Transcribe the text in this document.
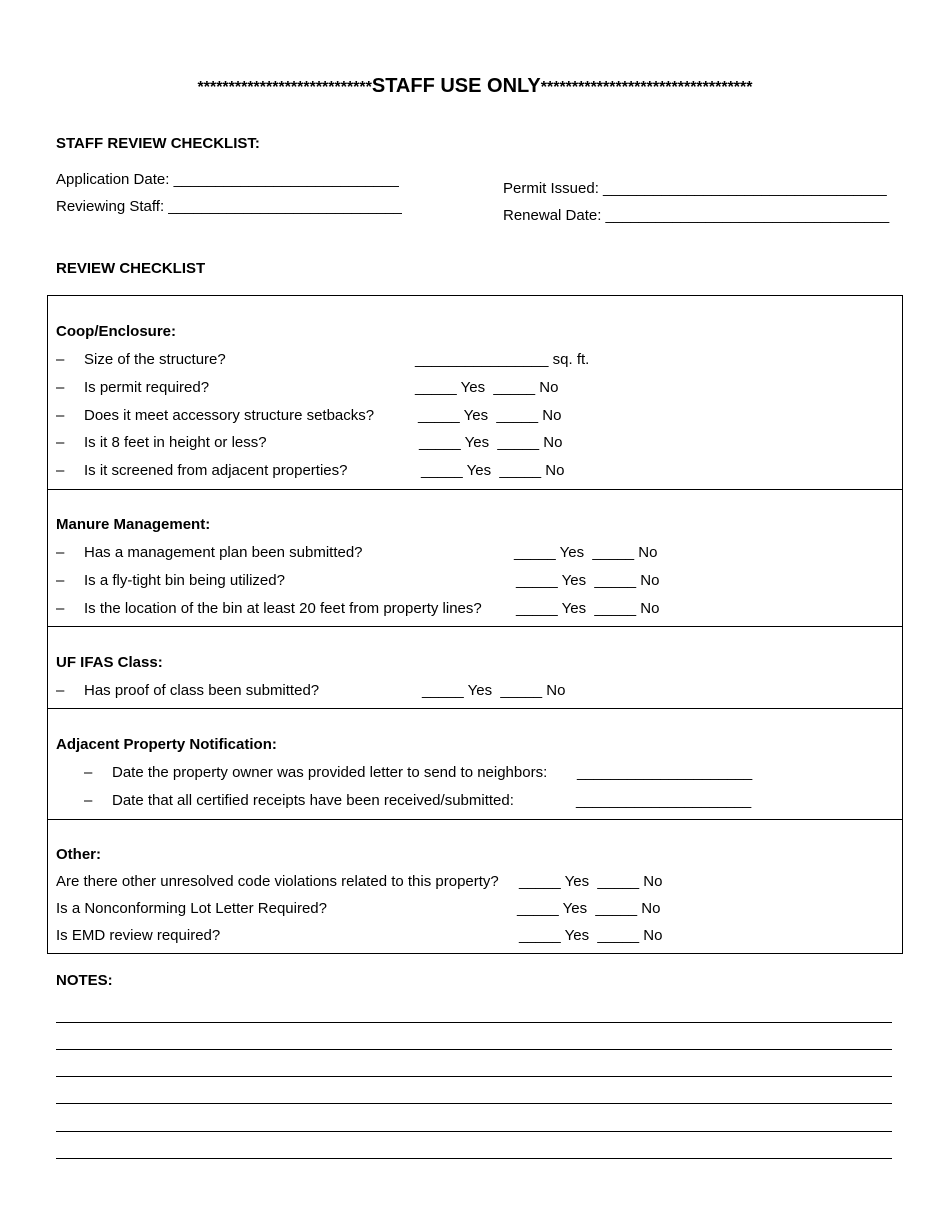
****************************STAFF USE ONLY**********************************
STAFF REVIEW CHECKLIST:
Application Date: ___________________________
Reviewing Staff: ____________________________
Permit Issued: __________________________________
Renewal Date: __________________________________
REVIEW CHECKLIST
Coop/Enclosure:
– Size of the structure?	________________ sq. ft.
– Is permit required?	_____ Yes  _____ No
– Does it meet accessory structure setbacks?	_____ Yes  _____ No
– Is it 8 feet in height or less?	_____ Yes  _____ No
– Is it screened from adjacent properties?	_____ Yes  _____ No
Manure Management:
– Has a management plan been submitted?	_____ Yes  _____ No
– Is a fly-tight bin being utilized?	_____ Yes  _____ No
– Is the location of the bin at least 20 feet from property lines? _____ Yes  _____ No
UF IFAS Class:
– Has proof of class been submitted?	_____ Yes  _____ No
Adjacent Property Notification:
– Date the property owner was provided letter to send to neighbors: _____________________
– Date that all certified receipts have been received/submitted:	_____________________
Other:
Are there other unresolved code violations related to this property? _____ Yes  _____ No
Is a Nonconforming Lot Letter Required?	_____ Yes  _____ No
Is EMD review required?	_____ Yes  _____ No
NOTES:
